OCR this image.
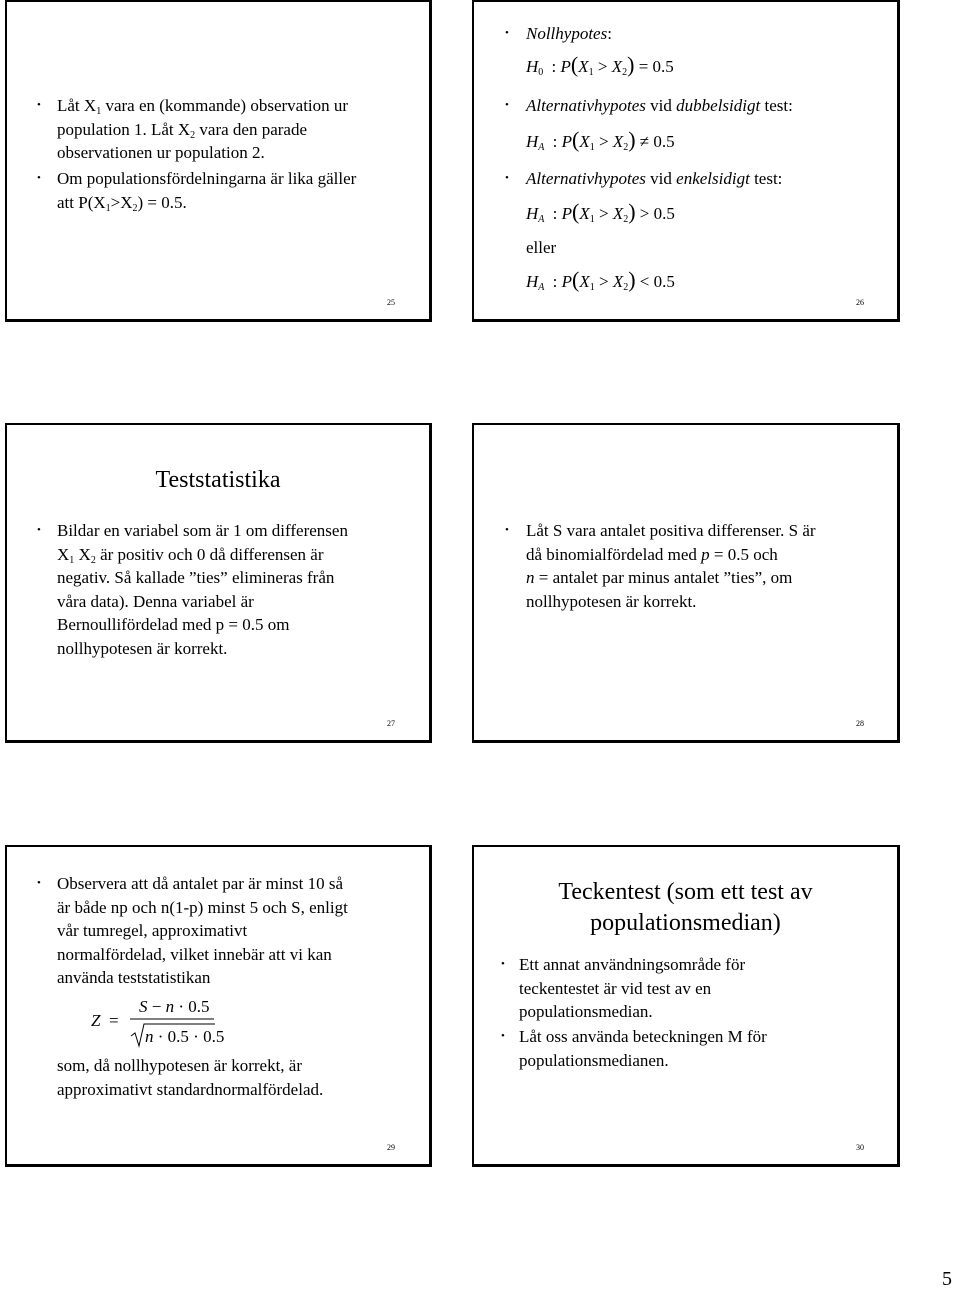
• Låt $X_1$ vara en (kommande) observation ur
population 1. Låt $X_2$ vara den parade
observationen ur population 2.
• Om populationsfördelningarna är lika gäller
att $P(X_1>X_2) = 0.5$.
25
• Nollhypotes:
$H_0$ : $P(X_1 > X_2) = 0.5$
• Alternativhypotes vid dubbelsidigt test:
$H_A$ : $P(X_1 > X_2) \ne 0.5$
• Alternativhypotes vid enkelsidigt test:
$H_A$ : $P(X_1 > X_2) > 0.5$
eller
$H_A$ : $P(X_1 > X_2) < 0.5$
26
Teststatistika
• Bildar en variabel som är 1 om differensen
$X_1$ $X_2$ är positiv och 0 då differensen är
negativ. Så kallade ”ties” elimineras från
våra data). Denna variabel är
Bernoullifördelad med p = 0.5 om
nollhypotesen är korrekt.
27
• Låt S vara antalet positiva differenser. S är
då binomialfördelad med p = 0.5 och
n = antalet par minus antalet ”ties”, om
nollhypotesen är korrekt.
28
• Observera att då antalet par är minst 10 så
är både np och n(1-p) minst 5 och S, enligt
vår tumregel, approximativt
normalfördelad, vilket innebär att vi kan
använda teststatistikan
Z =
S − n · 0.5
n · 0.5 · 0.5
som, då nollhypotesen är korrekt, är
approximativt standardnormalfördelad.
29
Teckentest (som ett test av
populationsmedian)
• Ett annat användningsområde för
teckentestet är vid test av en
populationsmedian.
• Låt oss använda beteckningen M för
populationsmedianen.
30
5
